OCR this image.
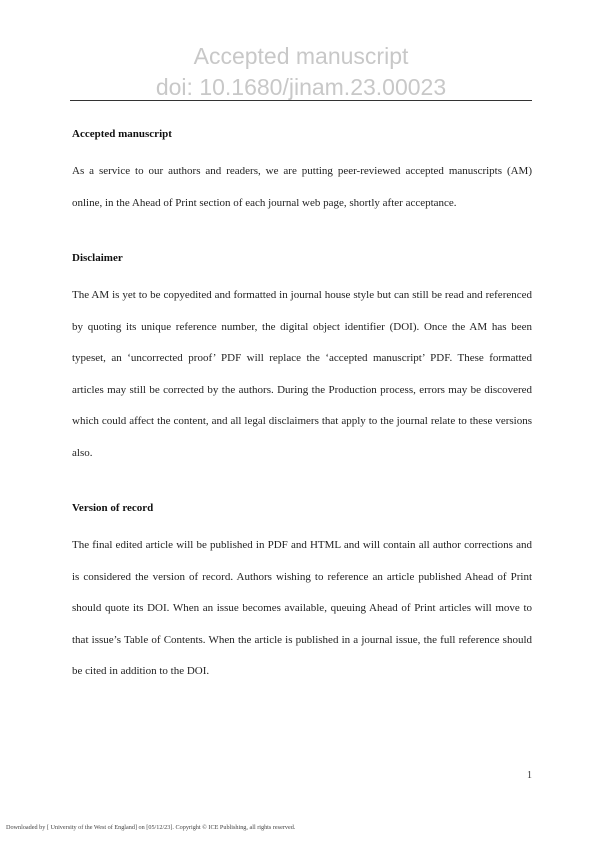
Accepted manuscript
doi: 10.1680/jinam.23.00023
Accepted manuscript

As a service to our authors and readers, we are putting peer-reviewed accepted manuscripts (AM) online, in the Ahead of Print section of each journal web page, shortly after acceptance.

Disclaimer

The AM is yet to be copyedited and formatted in journal house style but can still be read and referenced by quoting its unique reference number, the digital object identifier (DOI). Once the AM has been typeset, an ‘uncorrected proof’ PDF will replace the ‘accepted manuscript’ PDF. These formatted articles may still be corrected by the authors. During the Production process, errors may be discovered which could affect the content, and all legal disclaimers that apply to the journal relate to these versions also.

Version of record

The final edited article will be published in PDF and HTML and will contain all author corrections and is considered the version of record. Authors wishing to reference an article published Ahead of Print should quote its DOI. When an issue becomes available, queuing Ahead of Print articles will move to that issue’s Table of Contents. When the article is published in a journal issue, the full reference should be cited in addition to the DOI.

1
Downloaded by [ University of the West of England] on [05/12/23]. Copyright © ICE Publishing, all rights reserved.
